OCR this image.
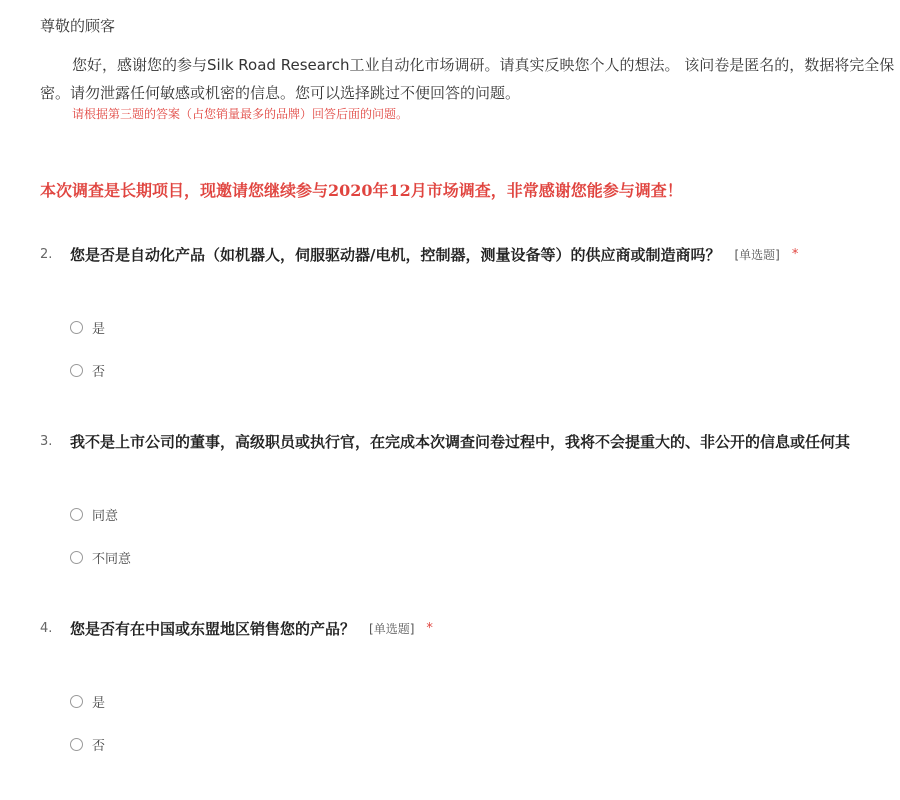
尊敬的顾客
您好，感谢您的参与Silk Road Research工业自动化市场调研。请真实反映您个人的想法。 该问卷是匿名的，数据将完全保
密。请勿泄露任何敏感或机密的信息。您可以选择跳过不便回答的问题。
请根据第三题的答案（占您销量最多的品牌）回答后面的问题。
本次调查是长期项目，现邀请您继续参与2020年12月市场调查，非常感谢您能参与调查！
2. 您是否是自动化产品（如机器人，伺服驱动器/电机，控制器，测量设备等）的供应商或制造商吗？ [单选题] *
是
否
3. 我不是上市公司的董事，高级职员或执行官，在完成本次调查问卷过程中，我将不会提重大的、非公开的信息或任何其
同意
不同意
4. 您是否有在中国或东盟地区销售您的产品？ [单选题] *
是
否
